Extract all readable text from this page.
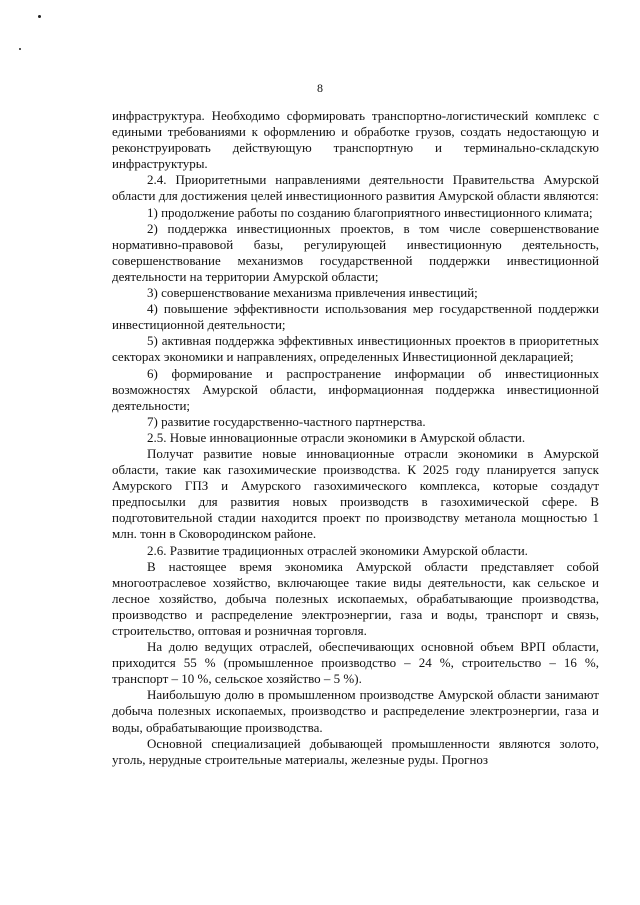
8

инфраструктура. Необходимо сформировать транспортно-логистический комплекс с едиными требованиями к оформлению и обработке грузов, создать недостающую и реконструировать действующую транспортную и терминально-складскую инфраструктуры.

2.4. Приоритетными направлениями деятельности Правительства Амурской области для достижения целей инвестиционного развития Амурской области являются:

1) продолжение работы по созданию благоприятного инвестиционного климата;

2) поддержка инвестиционных проектов, в том числе совершенствование нормативно-правовой базы, регулирующей инвестиционную деятельность, совершенствование механизмов государственной поддержки инвестиционной деятельности на территории Амурской области;

3) совершенствование механизма привлечения инвестиций;

4) повышение эффективности использования мер государственной поддержки инвестиционной деятельности;

5) активная поддержка эффективных инвестиционных проектов в приоритетных секторах экономики и направлениях, определенных Инвестиционной декларацией;

6) формирование и распространение информации об инвестиционных возможностях Амурской области, информационная поддержка инвестиционной деятельности;

7) развитие государственно-частного партнерства.

2.5. Новые инновационные отрасли экономики в Амурской области.

Получат развитие новые инновационные отрасли экономики в Амурской области, такие как газохимические производства. К 2025 году планируется запуск Амурского ГПЗ и Амурского газохимического комплекса, которые создадут предпосылки для развития новых производств в газохимической сфере. В подготовительной стадии находится проект по производству метанола мощностью 1 млн. тонн в Сковородинском районе.

2.6. Развитие традиционных отраслей экономики Амурской области.

В настоящее время экономика Амурской области представляет собой многоотраслевое хозяйство, включающее такие виды деятельности, как сельское и лесное хозяйство, добыча полезных ископаемых, обрабатывающие производства, производство и распределение электроэнергии, газа и воды, транспорт и связь, строительство, оптовая и розничная торговля.

На долю ведущих отраслей, обеспечивающих основной объем ВРП области, приходится 55 % (промышленное производство – 24 %, строительство – 16 %, транспорт – 10 %, сельское хозяйство – 5 %).

Наибольшую долю в промышленном производстве Амурской области занимают добыча полезных ископаемых, производство и распределение электроэнергии, газа и воды, обрабатывающие производства.

Основной специализацией добывающей промышленности являются золото, уголь, нерудные строительные материалы, железные руды. Прогноз
